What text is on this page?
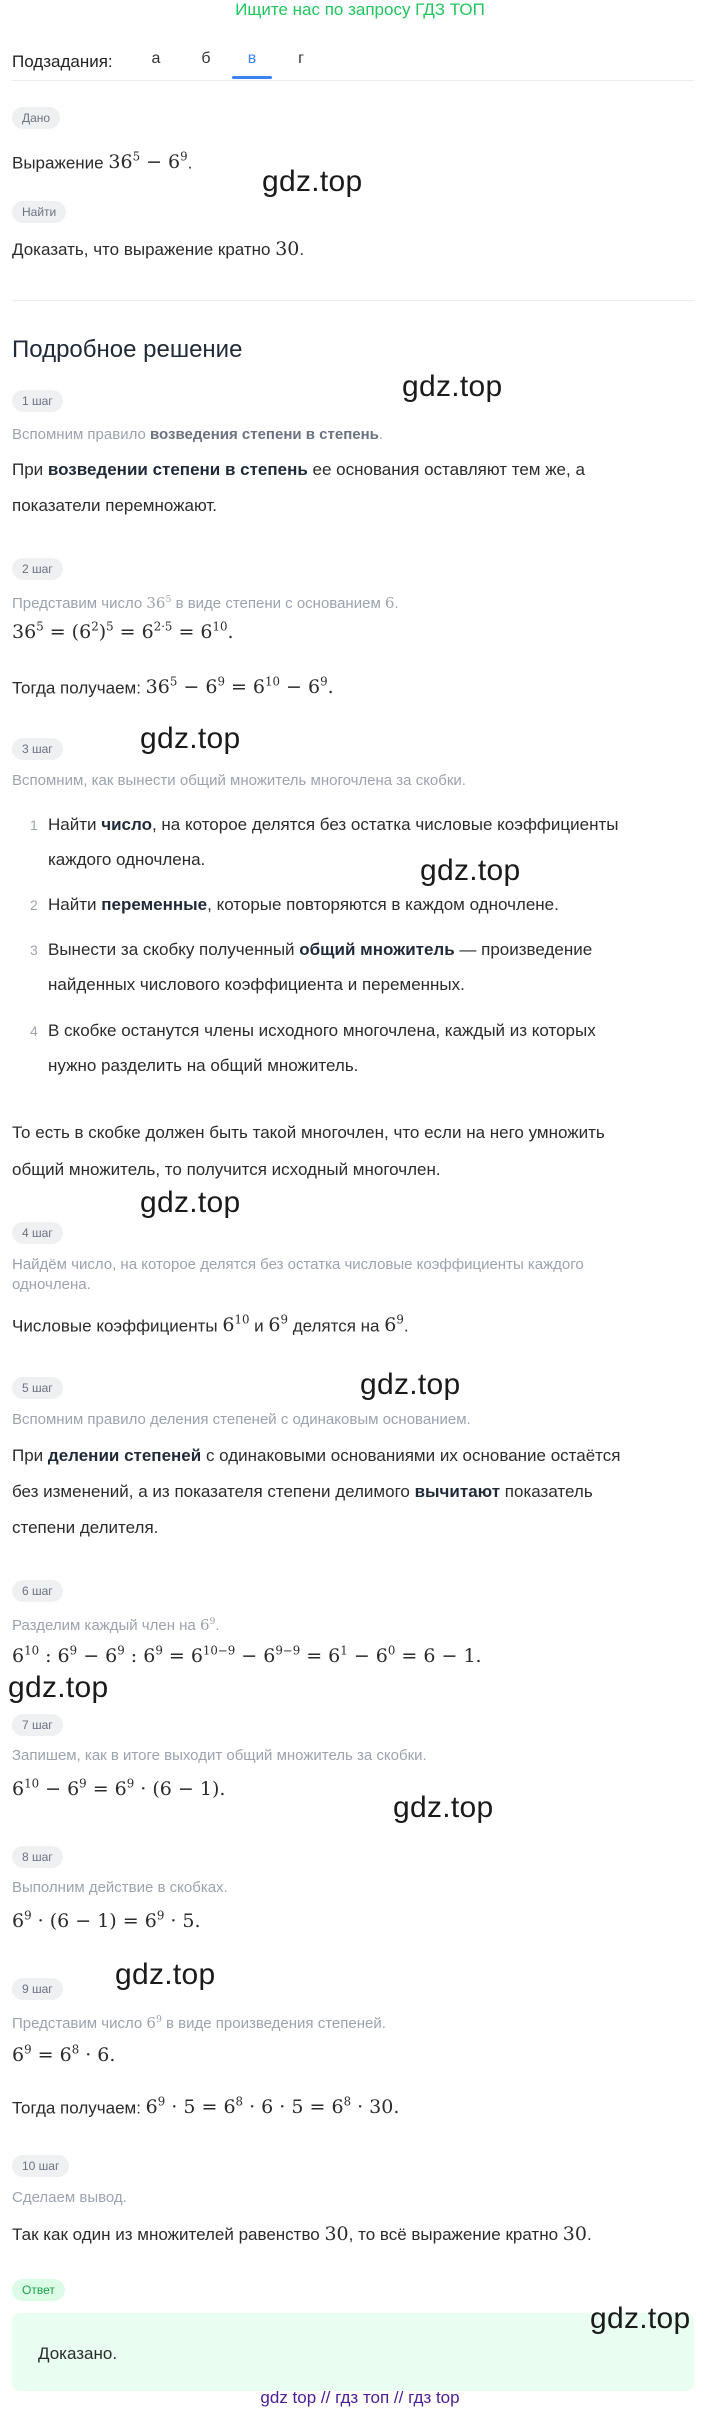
Ищите нас по запросу ГДЗ ТОП
Подзадания:	а	б	в	г
Дано
Выражение $36^5 - 6^9$.
Найти
Доказать, что выражение кратно 30.
Подробное решение
1 шаг
Вспомним правило возведения степени в степень.
При возведении степени в степень ее основания оставляют тем же, а
показатели перемножают.
2 шаг
Представим число $36^5$ в виде степени с основанием 6.
$36^5 = (6^2)^5 = 6^{2\cdot 5} = 6^{10}$.
Тогда получаем: $36^5 - 6^9 = 6^{10} - 6^9$.
3 шаг
Вспомним, как вынести общий множитель многочлена за скобки.
1 Найти число, на которое делятся без остатка числовые коэффициенты
каждого одночлена.
2 Найти переменные, которые повторяются в каждом одночлене.
3 Вынести за скобку полученный общий множитель — произведение
найденных числового коэффициента и переменных.
4 В скобке останутся члены исходного многочлена, каждый из которых
нужно разделить на общий множитель.
То есть в скобке должен быть такой многочлен, что если на него умножить
общий множитель, то получится исходный многочлен.
4 шаг
Найдём число, на которое делятся без остатка числовые коэффициенты каждого
одночлена.
Числовые коэффициенты $6^{10}$ и $6^9$ делятся на $6^9$.
5 шаг
Вспомним правило деления степеней с одинаковым основанием.
При делении степеней с одинаковыми основаниями их основание остаётся
без изменений, а из показателя степени делимого вычитают показатель
степени делителя.
6 шаг
Разделим каждый член на $6^9$.
$6^{10}$ : $6^9 - 6^9$ : $6^9 = 6^{10-9} - 6^{9-9} = 6^1 - 6^0 = 6 - 1$.
7 шаг
Запишем, как в итоге выходит общий множитель за скобки.
$6^{10} - 6^9 = 6^9 \cdot (6 - 1)$.
8 шаг
Выполним действие в скобках.
$6^9 \cdot (6 - 1) = 6^9 \cdot 5$.
9 шаг
Представим число $6^9$ в виде произведения степеней.
$6^9 = 6^8 \cdot 6$.
Тогда получаем: $6^9 \cdot 5 = 6^8 \cdot 6 \cdot 5 = 6^8 \cdot 30$.
10 шаг
Сделаем вывод.
Так как один из множителей равенство 30, то всё выражение кратно 30.
Ответ
Доказано.
gdz.top
gdz.top
gdz.top
gdz.top
gdz.top
gdz.top
gdz.top
gdz.top
gdz.top
gdz.top
gdz top // гдз топ // гдз top
